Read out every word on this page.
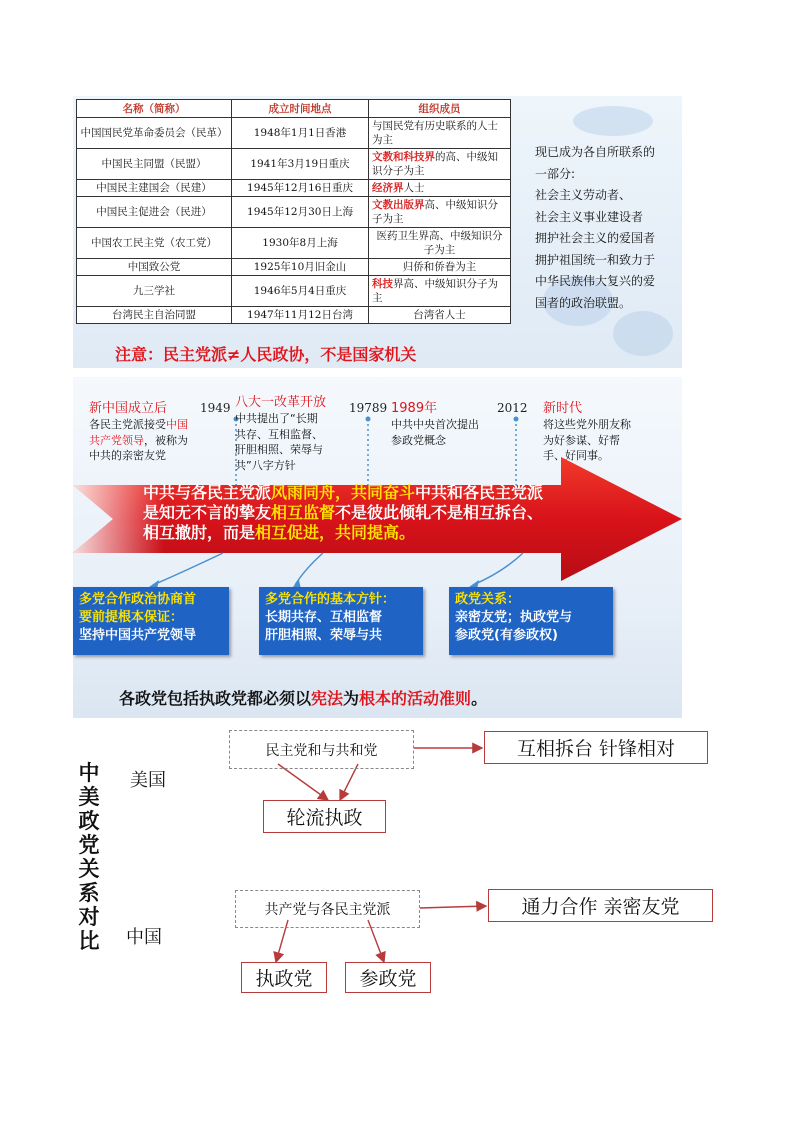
名称（简称）	成立时间地点	组织成员
中国国民党革命委员会（民革）	1948年1月1日香港	与国民党有历史联系的人士为主
中国民主同盟（民盟）	1941年3月19日重庆	文教和科技界的高、中级知识分子为主
中国民主建国会（民建）	1945年12月16日重庆	经济界人士
中国民主促进会（民进）	1945年12月30日上海	文教出版界高、中级知识分子为主
中国农工民主党（农工党）	1930年8月上海	医药卫生界高、中级知识分子为主
中国致公党	1925年10月旧金山	归侨和侨眷为主
九三学社	1946年5月4日重庆	科技界高、中级知识分子为主
台湾民主自治同盟	1947年11月12日台湾	台湾省人士
现已成为各自所联系的
一部分:
社会主义劳动者、
社会主义事业建设者
拥护社会主义的爱国者
拥护祖国统一和致力于
中华民族伟大复兴的爱
国者的政治联盟。
注意：民主党派≠人民政协，不是国家机关
新中国成立后	1949
各民主党派接受中国
共产党领导，被称为
中共的亲密友党
八大一改革开放 19789
中共提出了“长期
共存、互相监督、
肝胆相照、荣辱与
共”八字方针
1989年	2012
中共中央首次提出
参政党概念
新时代
将这些党外朋友称
为好参谋、好帮
手、好同事。
中共与各民主党派风雨同舟，共同奋斗中共和各民主党派
是知无不言的挚友相互监督不是彼此倾轧不是相互拆台、
相互撤肘，而是相互促进，共同提高。
多党合作政治协商首
要前提根本保证：
坚持中国共产党领导
多党合作的基本方针：
长期共存、互相监督
肝胆相照、荣辱与共
政党关系：
亲密友党；执政党与
参政党(有参政权)
各政党包括执政党都必须以宪法为根本的活动准则。
中
美
政
党
关
系
对
比
美国
中国
民主党和与共和党	互相拆台 针锋相对
轮流执政
共产党与各民主党派	通力合作 亲密友党
执政党	参政党
